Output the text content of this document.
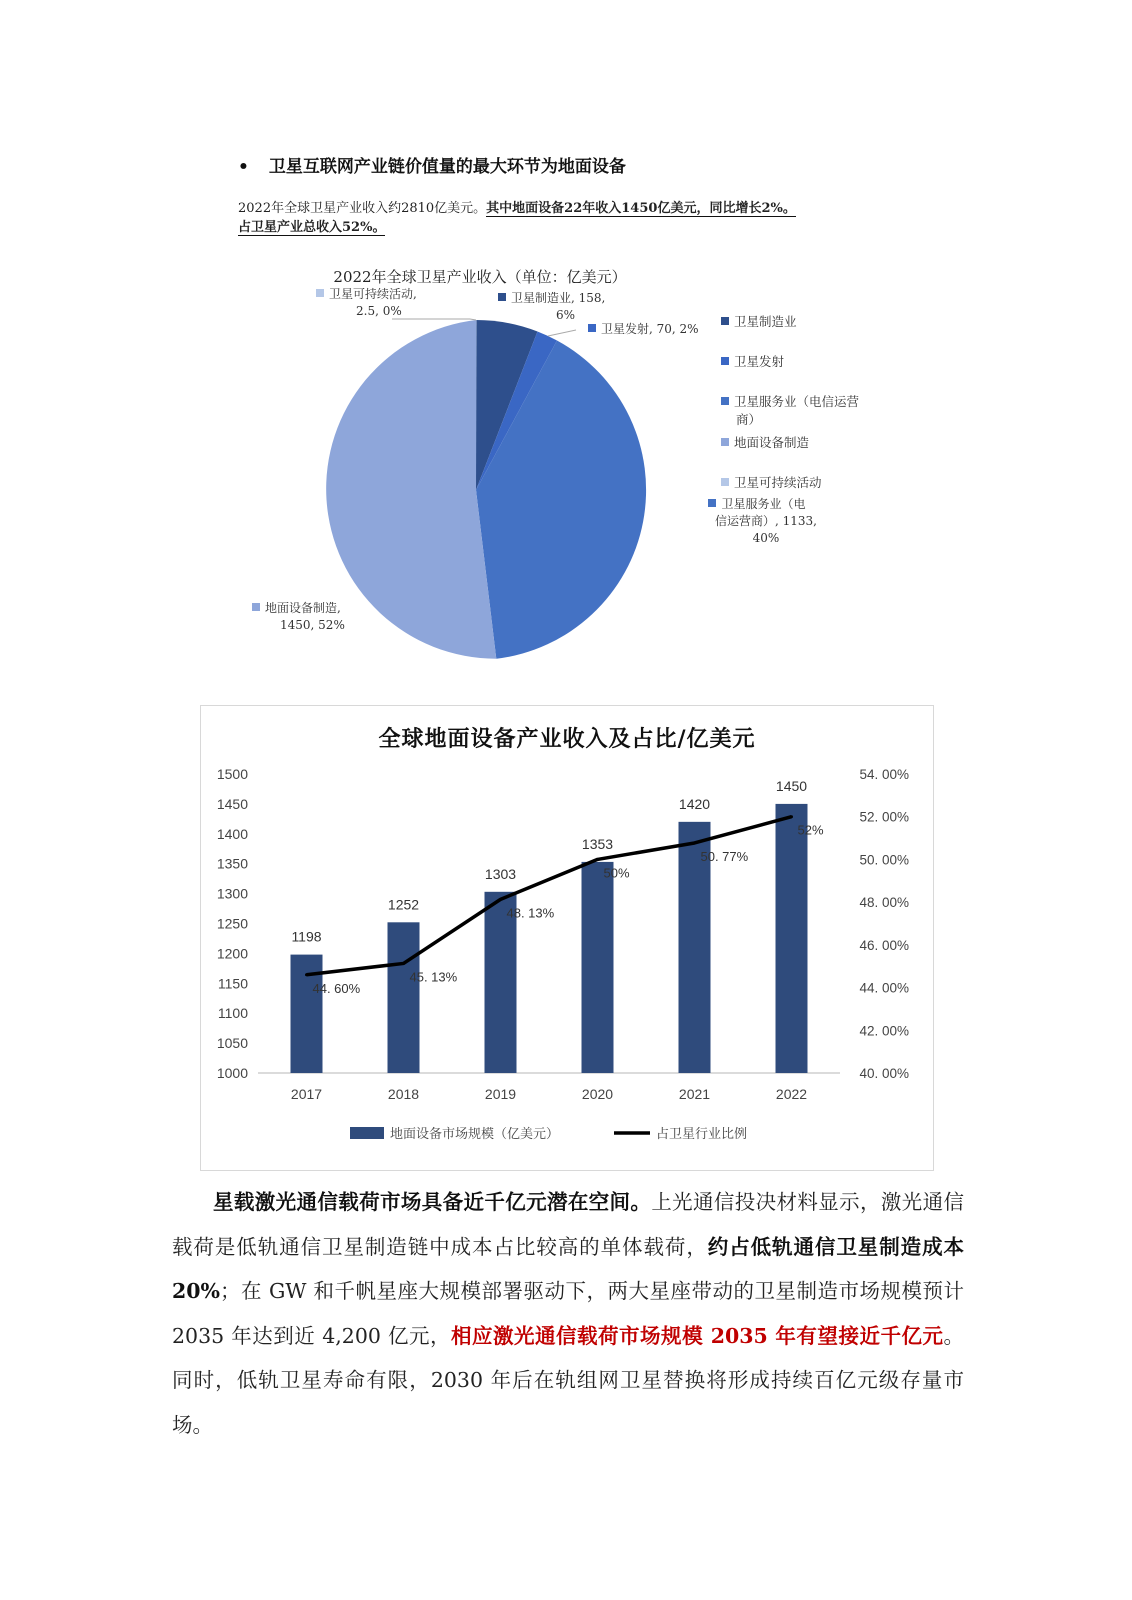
• 卫星互联网产业链价值量的最大环节为地面设备
2022年全球卫星产业收入约2810亿美元。其中地面设备22年收入1450亿美元，同比增长2%。
占卫星产业总收入52%。
2022年全球卫星产业收入（单位：亿美元）
卫星可持续活动,
2.5, 0%
卫星制造业, 158,
6%
卫星发射, 70, 2%
卫星服务业（电
信运营商）, 1133,
40%
地面设备制造,
1450, 52%
卫星制造业
卫星发射
卫星服务业（电信运营
商）
地面设备制造
卫星可持续活动
全球地面设备产业收入及占比/亿美元
1000
1050
1100
1150
1200
1250
1300
1350
1400
1450
1500
40. 00%
42. 00%
44. 00%
46. 00%
48. 00%
50. 00%
52. 00%
54. 00%
1198
1252
1303
1353
1420
1450
2017	2018	2019	2020	2021	2022
44. 60%
45. 13%
48. 13%
50%
50. 77%
52%
地面设备市场规模（亿美元）	占卫星行业比例

星载激光通信载荷市场具备近千亿元潜在空间。上光通信投决材料显示，激光通信载荷是低轨通信卫星制造链中成本占比较高的单体载荷，约占低轨通信卫星制造成本 20%；在 GW 和千帆星座大规模部署驱动下，两大星座带动的卫星制造市场规模预计 2035 年达到近 4,200 亿元，相应激光通信载荷市场规模 2035 年有望接近千亿元。同时，低轨卫星寿命有限，2030 年后在轨组网卫星替换将形成持续百亿元级存量市场。
